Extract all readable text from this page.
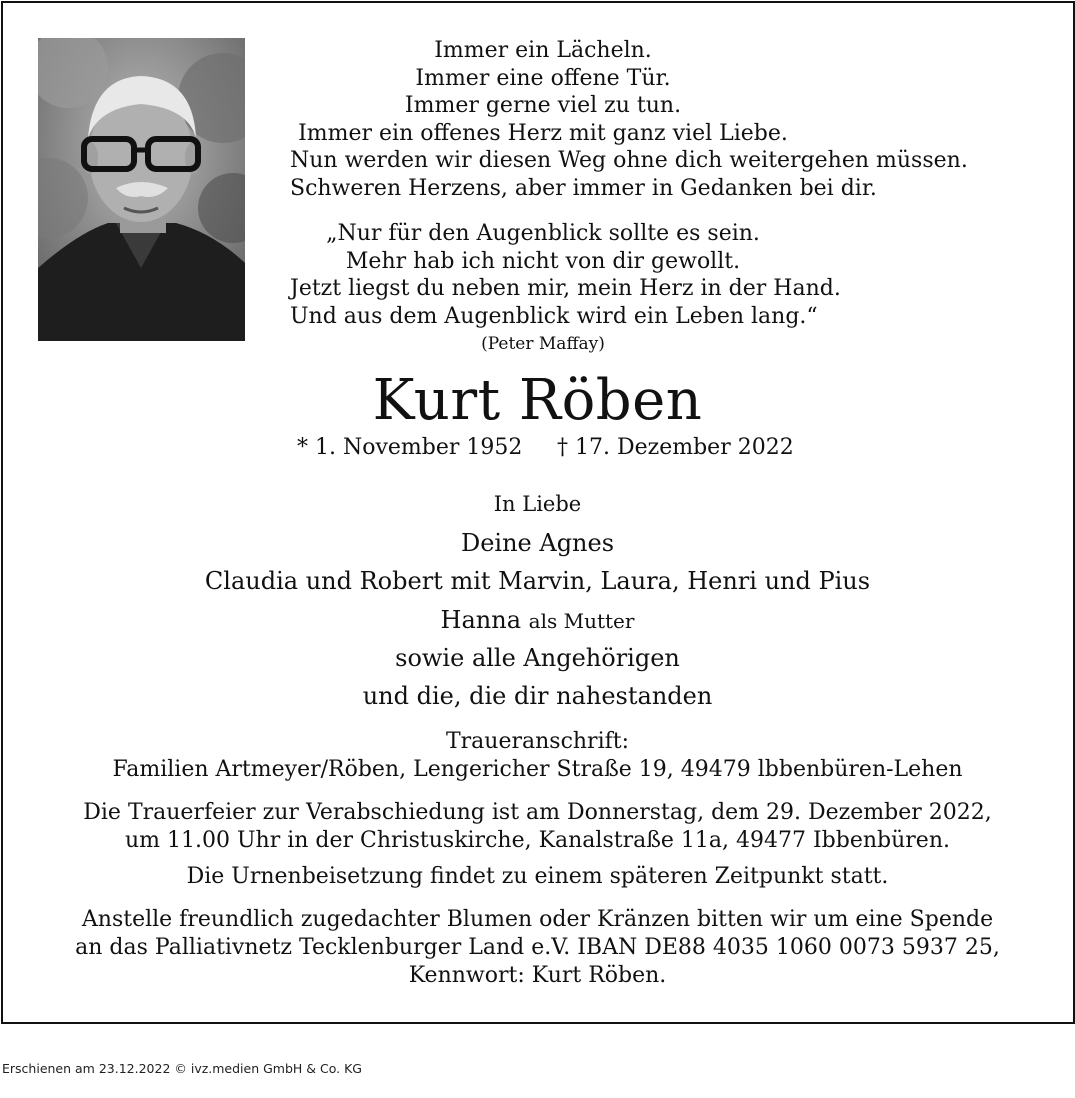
Immer ein Lächeln.
Immer eine offene Tür.
Immer gerne viel zu tun.
Immer ein offenes Herz mit ganz viel Liebe.
Nun werden wir diesen Weg ohne dich weitergehen müssen.
Schweren Herzens, aber immer in Gedanken bei dir.
„Nur für den Augenblick sollte es sein.
Mehr hab ich nicht von dir gewollt.
Jetzt liegst du neben mir, mein Herz in der Hand.
Und aus dem Augenblick wird ein Leben lang.“
(Peter Maffay)
Kurt Röben
* 1. November 1952 † 17. Dezember 2022
In Liebe
Deine Agnes
Claudia und Robert mit Marvin, Laura, Henri und Pius
Hanna als Mutter
sowie alle Angehörigen
und die, die dir nahestanden
Traueranschrift:
Familien Artmeyer/Röben, Lengericher Straße 19, 49479 lbbenbüren-Lehen
Die Trauerfeier zur Verabschiedung ist am Donnerstag, dem 29. Dezember 2022,
um 11.00 Uhr in der Christuskirche, Kanalstraße 11a, 49477 Ibbenbüren.
Die Urnenbeisetzung findet zu einem späteren Zeitpunkt statt.
Anstelle freundlich zugedachter Blumen oder Kränzen bitten wir um eine Spende
an das Palliativnetz Tecklenburger Land e.V. IBAN DE88 4035 1060 0073 5937 25,
Kennwort: Kurt Röben.
Erschienen am 23.12.2022 © ivz.medien GmbH & Co. KG
